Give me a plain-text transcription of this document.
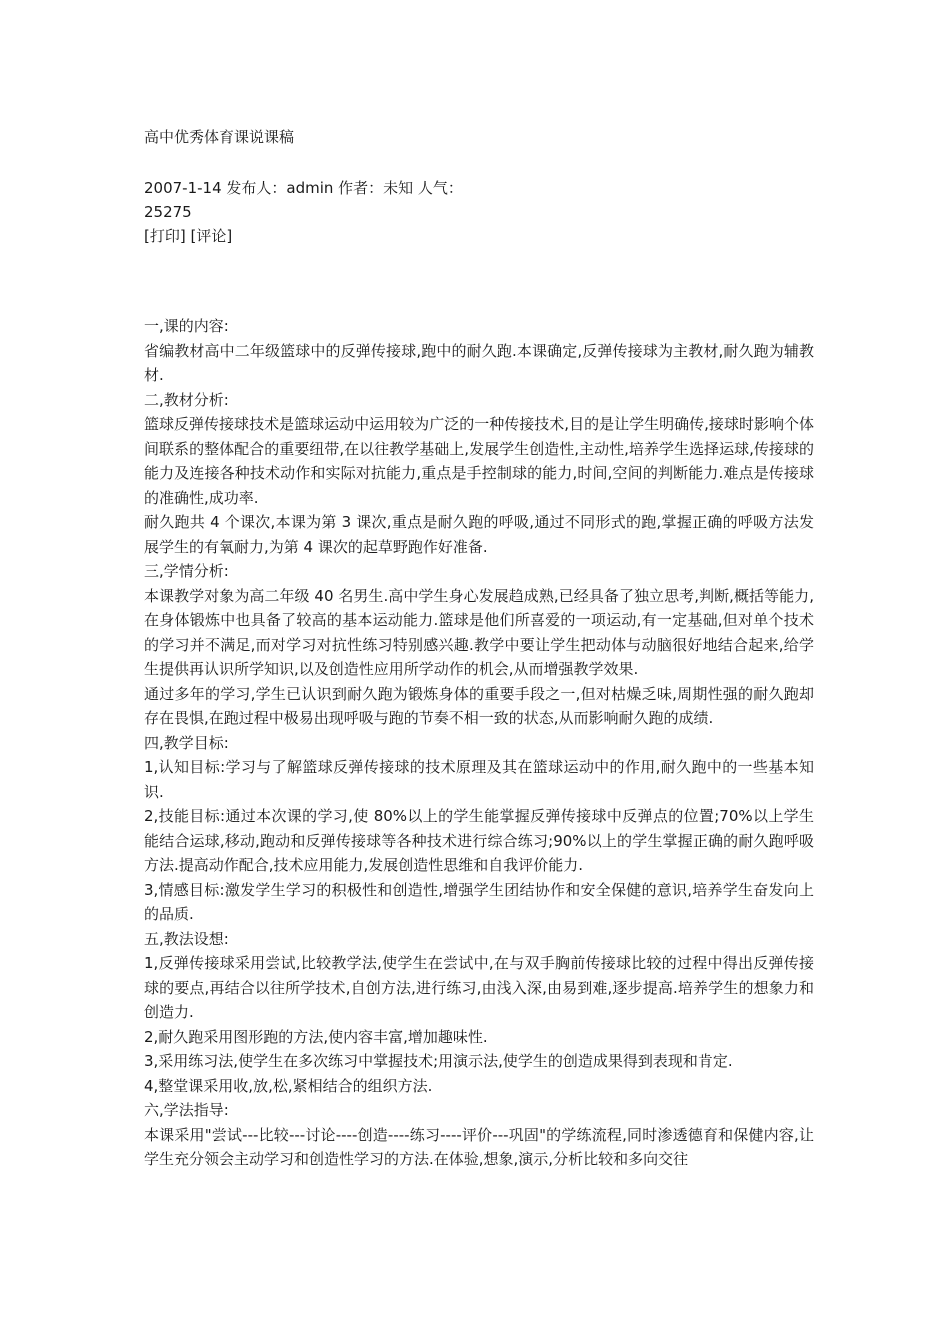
高中优秀体育课说课稿
2007-1-14 发布人：admin 作者：未知 人气：
25275
[打印] [评论]

一,课的内容:

省编教材高中二年级篮球中的反弹传接球,跑中的耐久跑.本课确定,反弹传接球为主教材,耐久跑为辅教材.

二,教材分析:

篮球反弹传接球技术是篮球运动中运用较为广泛的一种传接技术,目的是让学生明确传,接球时影响个体间联系的整体配合的重要纽带,在以往教学基础上,发展学生创造性,主动性,培养学生选择运球,传接球的能力及连接各种技术动作和实际对抗能力,重点是手控制球的能力,时间,空间的判断能力.难点是传接球的准确性,成功率.

耐久跑共 4 个课次,本课为第 3 课次,重点是耐久跑的呼吸,通过不同形式的跑,掌握正确的呼吸方法发展学生的有氧耐力,为第 4 课次的起草野跑作好准备.

三,学情分析:

本课教学对象为高二年级 40 名男生.高中学生身心发展趋成熟,已经具备了独立思考,判断,概括等能力,在身体锻炼中也具备了较高的基本运动能力.篮球是他们所喜爱的一项运动,有一定基础,但对单个技术的学习并不满足,而对学习对抗性练习特别感兴趣.教学中要让学生把动体与动脑很好地结合起来,给学生提供再认识所学知识,以及创造性应用所学动作的机会,从而增强教学效果.

通过多年的学习,学生已认识到耐久跑为锻炼身体的重要手段之一,但对枯燥乏味,周期性强的耐久跑却存在畏惧,在跑过程中极易出现呼吸与跑的节奏不相一致的状态,从而影响耐久跑的成绩.

四,教学目标:

1,认知目标:学习与了解篮球反弹传接球的技术原理及其在篮球运动中的作用,耐久跑中的一些基本知识.

2,技能目标:通过本次课的学习,使 80%以上的学生能掌握反弹传接球中反弹点的位置;70%以上学生能结合运球,移动,跑动和反弹传接球等各种技术进行综合练习;90%以上的学生掌握正确的耐久跑呼吸方法.提高动作配合,技术应用能力,发展创造性思维和自我评价能力.

3,情感目标:激发学生学习的积极性和创造性,增强学生团结协作和安全保健的意识,培养学生奋发向上的品质.

五,教法设想:

1,反弹传接球采用尝试,比较教学法,使学生在尝试中,在与双手胸前传接球比较的过程中得出反弹传接球的要点,再结合以往所学技术,自创方法,进行练习,由浅入深,由易到难,逐步提高.培养学生的想象力和创造力.

2,耐久跑采用图形跑的方法,使内容丰富,增加趣味性.

3,采用练习法,使学生在多次练习中掌握技术;用演示法,使学生的创造成果得到表现和肯定.

4,整堂课采用收,放,松,紧相结合的组织方法.

六,学法指导:

本课采用"尝试---比较---讨论----创造----练习----评价---巩固"的学练流程,同时渗透德育和保健内容,让学生充分领会主动学习和创造性学习的方法.在体验,想象,演示,分析比较和多向交往
